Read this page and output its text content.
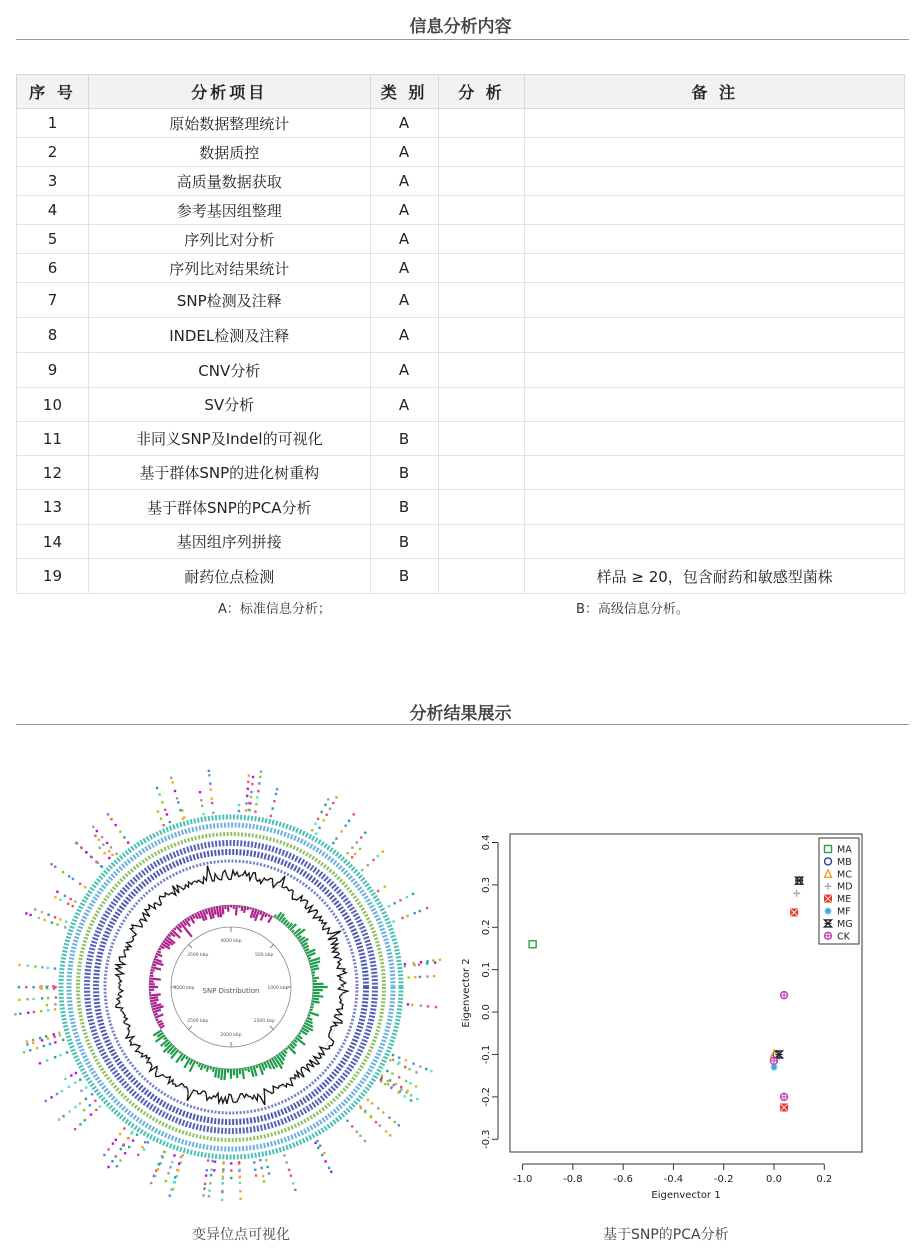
信息分析内容
序 号	分析项目	类 别	分 析	备 注
1	原始数据整理统计	A		
2	数据质控	A		
3	高质量数据获取	A		
4	参考基因组整理	A		
5	序列比对分析	A		
6	序列比对结果统计	A		
7	SNP检测及注释	A		
8	INDEL检测及注释	A		
9	CNV分析	A		
10	SV分析	A		
11	非同义SNP及Indel的可视化	B		
12	基于群体SNP的进化树重构	B		
13	基于群体SNP的PCA分析	B		
14	基因组序列拼接	B		
19	耐药位点检测	B		样品 ≥ 20，包含耐药和敏感型菌株
A：标准信息分析；	B：高级信息分析。
分析结果展示
500 kbp
1000 kbp
1500 kbp
2000 kbp
2500 kbp
3000 kbp
3500 kbp
4000 kbp
SNP Distribution
变异位点可视化
-1.0	-0.8	-0.6	-0.4	-0.2	0.0	0.2
-0.3
-0.2
-0.1
0.0
0.1
0.2
0.3
0.4	MA
MB
MC
MD
ME
MF
MG
CK
Eigenvector 1
Eigenvector 2
基于SNP的PCA分析
